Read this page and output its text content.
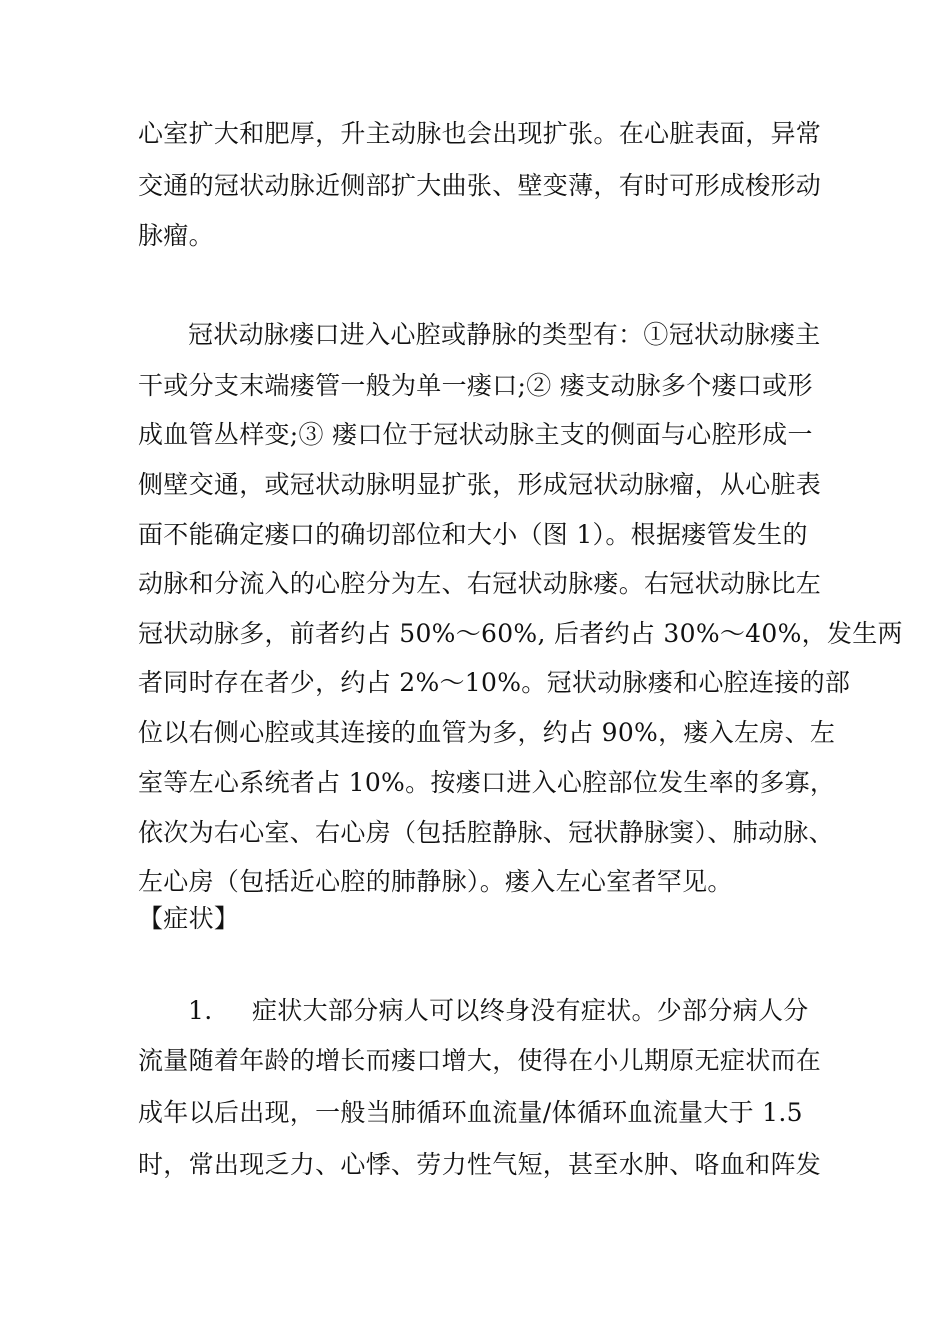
心室扩大和肥厚，升主动脉也会出现扩张。在心脏表面，异常
交通的冠状动脉近侧部扩大曲张、壁变薄，有时可形成梭形动
脉瘤。
冠状动脉瘘口进入心腔或静脉的类型有：①冠状动脉瘘主
干或分支末端瘘管一般为单一瘘口;② 瘘支动脉多个瘘口或形
成血管丛样变;③ 瘘口位于冠状动脉主支的侧面与心腔形成一
侧壁交通，或冠状动脉明显扩张，形成冠状动脉瘤，从心脏表
面不能确定瘘口的确切部位和大小（图 1）。根据瘘管发生的
动脉和分流入的心腔分为左、右冠状动脉瘘。右冠状动脉比左
冠状动脉多，前者约占 50%～60%, 后者约占 30%～40%，发生两
者同时存在者少，约占 2%～10%。冠状动脉瘘和心腔连接的部
位以右侧心腔或其连接的血管为多，约占 90%，瘘入左房、左
室等左心系统者占 10%。按瘘口进入心腔部位发生率的多寡，
依次为右心室、右心房（包括腔静脉、冠状静脉窦）、肺动脉、
左心房（包括近心腔的肺静脉）。瘘入左心室者罕见。
【症状】
1. 症状大部分病人可以终身没有症状。少部分病人分
流量随着年龄的增长而瘘口增大，使得在小儿期原无症状而在
成年以后出现，一般当肺循环血流量/体循环血流量大于 1.5
时，常出现乏力、心悸、劳力性气短，甚至水肿、咯血和阵发
